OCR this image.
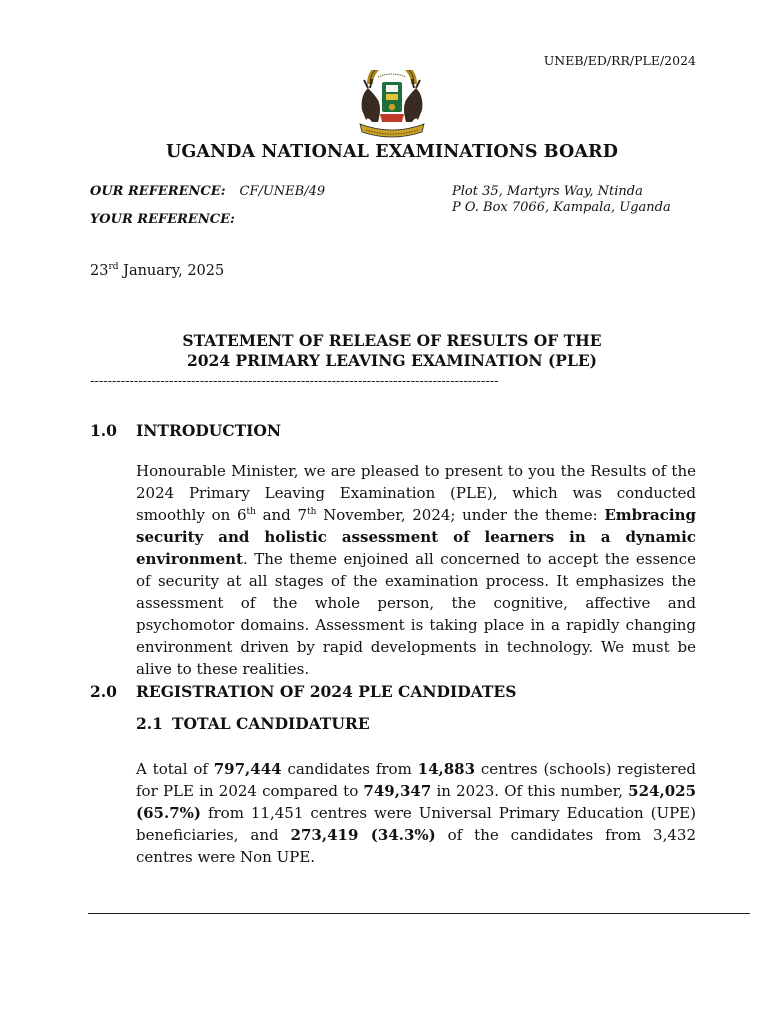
UNEB/ED/RR/PLE/2024
UGANDA NATIONAL EXAMINATIONS BOARD
OUR REFERENCE: CF/UNEB/49
YOUR REFERENCE:
Plot 35, Martyrs Way, Ntinda
P O. Box 7066, Kampala, Uganda
23rd January, 2025
STATEMENT OF RELEASE OF RESULTS OF THE
2024 PRIMARY LEAVING EXAMINATION (PLE)
---------------------------------------------------------------------------------------------
1.0 INTRODUCTION
Honourable Minister, we are pleased to present to you the Results of the 2024 Primary Leaving Examination (PLE), which was conducted smoothly on 6th and 7th November, 2024; under the theme: Embracing security and holistic assessment of learners in a dynamic environment. The theme enjoined all concerned to accept the essence of security at all stages of the examination process. It emphasizes the assessment of the whole person, the cognitive, affective and psychomotor domains. Assessment is taking place in a rapidly changing environment driven by rapid developments in technology. We must be alive to these realities.
2.0 REGISTRATION OF 2024 PLE CANDIDATES
2.1 TOTAL CANDIDATURE
A total of 797,444 candidates from 14,883 centres (schools) registered for PLE in 2024 compared to 749,347 in 2023. Of this number, 524,025 (65.7%) from 11,451 centres were Universal Primary Education (UPE) beneficiaries, and 273,419 (34.3%) of the candidates from 3,432 centres were Non UPE.
